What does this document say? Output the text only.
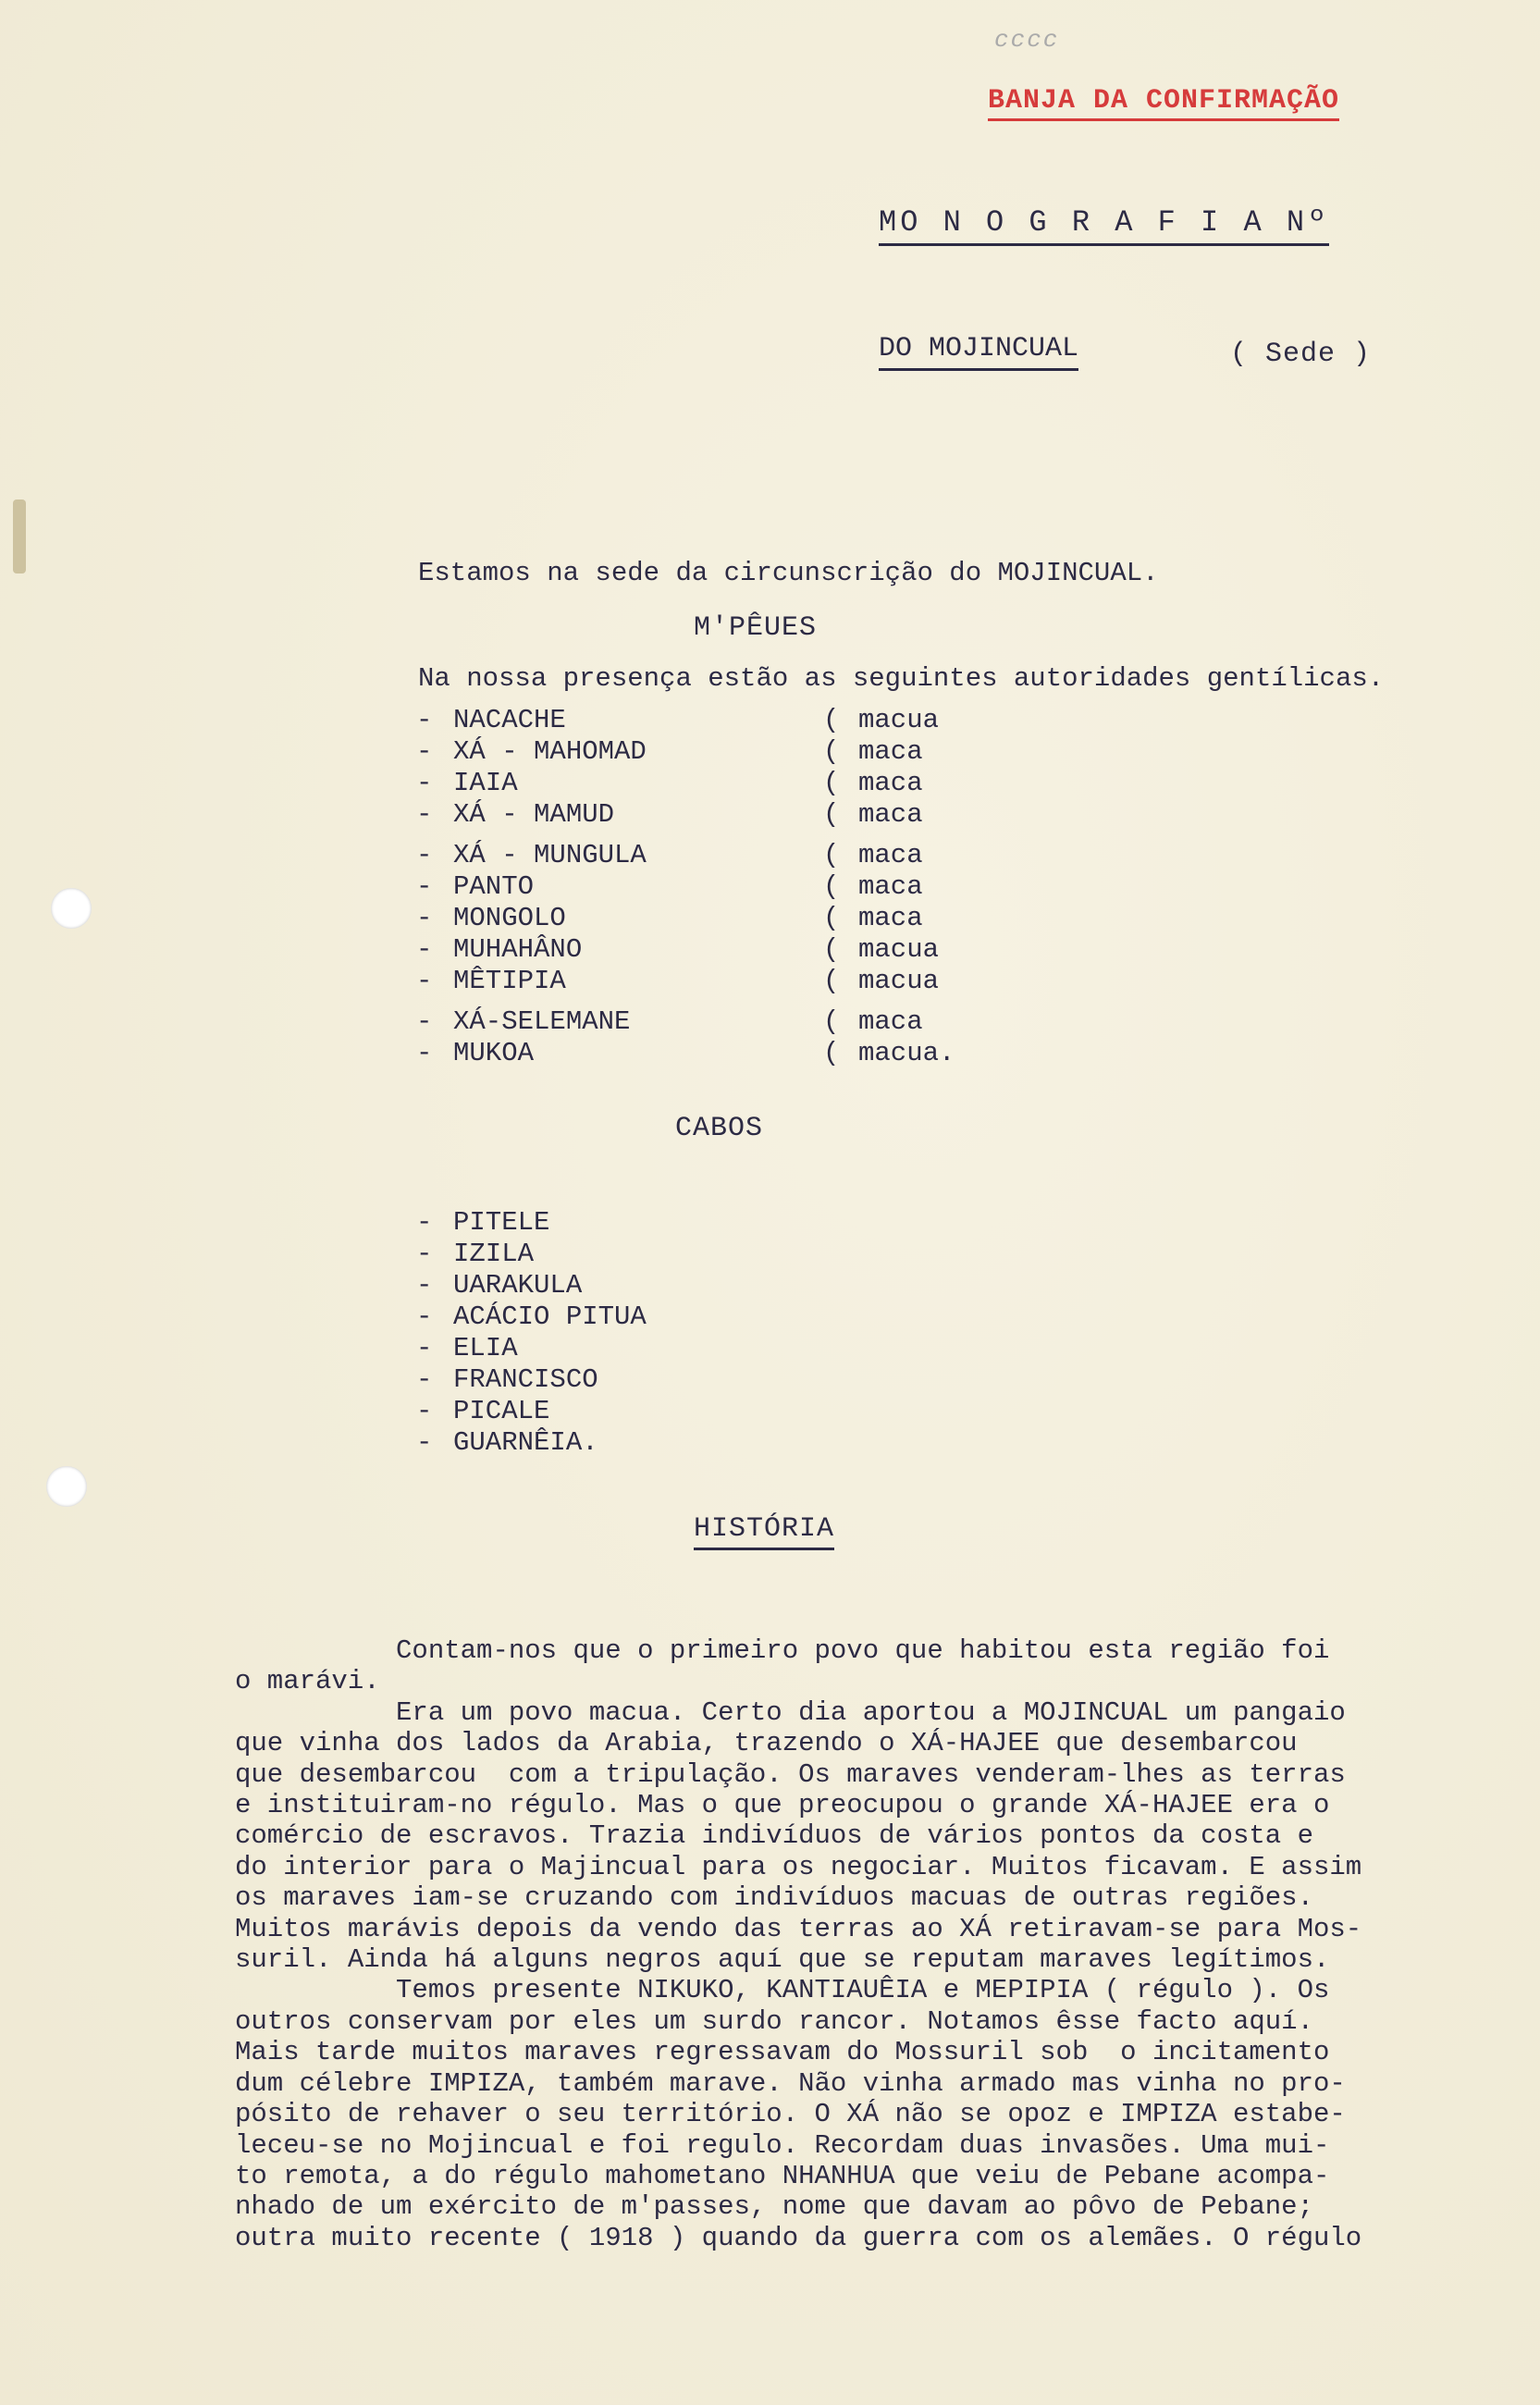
cccc
BANJA DA CONFIRMAÇÃO
MO N O G R A F I A Nº
DO MOJINCUAL	( Sede )

Estamos na sede da circunscrição do MOJINCUAL.

Na nossa presença estão as seguintes autoridades gentílicas.

M'PÊUES
- NACACHE	( macua
- XÁ - MAHOMAD	( maca
- IAIA	( maca
- XÁ - MAMUD	( maca
- XÁ - MUNGULA	( maca
- PANTO	( maca
- MONGOLO	( maca
- MUHAHÂNO	( macua
- MÊTIPIA	( macua
- XÁ-SELEMANE	( maca
- MUKOA	( macua.
CABOS
- PITELE
- IZILA
- UARAKULA
- ACÁCIO PITUA
- ELIA
- FRANCISCO
- PICALE
- GUARNÊIA.
HISTÓRIA

Contam-nos que o primeiro povo que habitou esta região foi

o marávi.

Era um povo macua. Certo dia aportou a MOJINCUAL um pangaio

que vinha dos lados da Arabia, trazendo o XÁ-HAJEE que desembarcou

que desembarcou  com a tripulação. Os maraves venderam-lhes as terras

e instituiram-no régulo. Mas o que preocupou o grande XÁ-HAJEE era o

comércio de escravos. Trazia indivíduos de vários pontos da costa e

do interior para o Majincual para os negociar. Muitos ficavam. E assim

os maraves iam-se cruzando com indivíduos macuas de outras regiões.

Muitos marávis depois da vendo das terras ao XÁ retiravam-se para Mos-

suril. Ainda há alguns negros aquí que se reputam maraves legítimos.

Temos presente NIKUKO, KANTIAUÊIA e MEPIPIA ( régulo ). Os

outros conservam por eles um surdo rancor. Notamos êsse facto aquí.

Mais tarde muitos maraves regressavam do Mossuril sob  o incitamento

dum célebre IMPIZA, também marave. Não vinha armado mas vinha no pro-

pósito de rehaver o seu território. O XÁ não se opoz e IMPIZA estabe-

leceu-se no Mojincual e foi regulo. Recordam duas invasões. Uma mui-

to remota, a do régulo mahometano NHANHUA que veiu de Pebane acompa-

nhado de um exército de m'passes, nome que davam ao pôvo de Pebane;

outra muito recente ( 1918 ) quando da guerra com os alemães. O régulo
